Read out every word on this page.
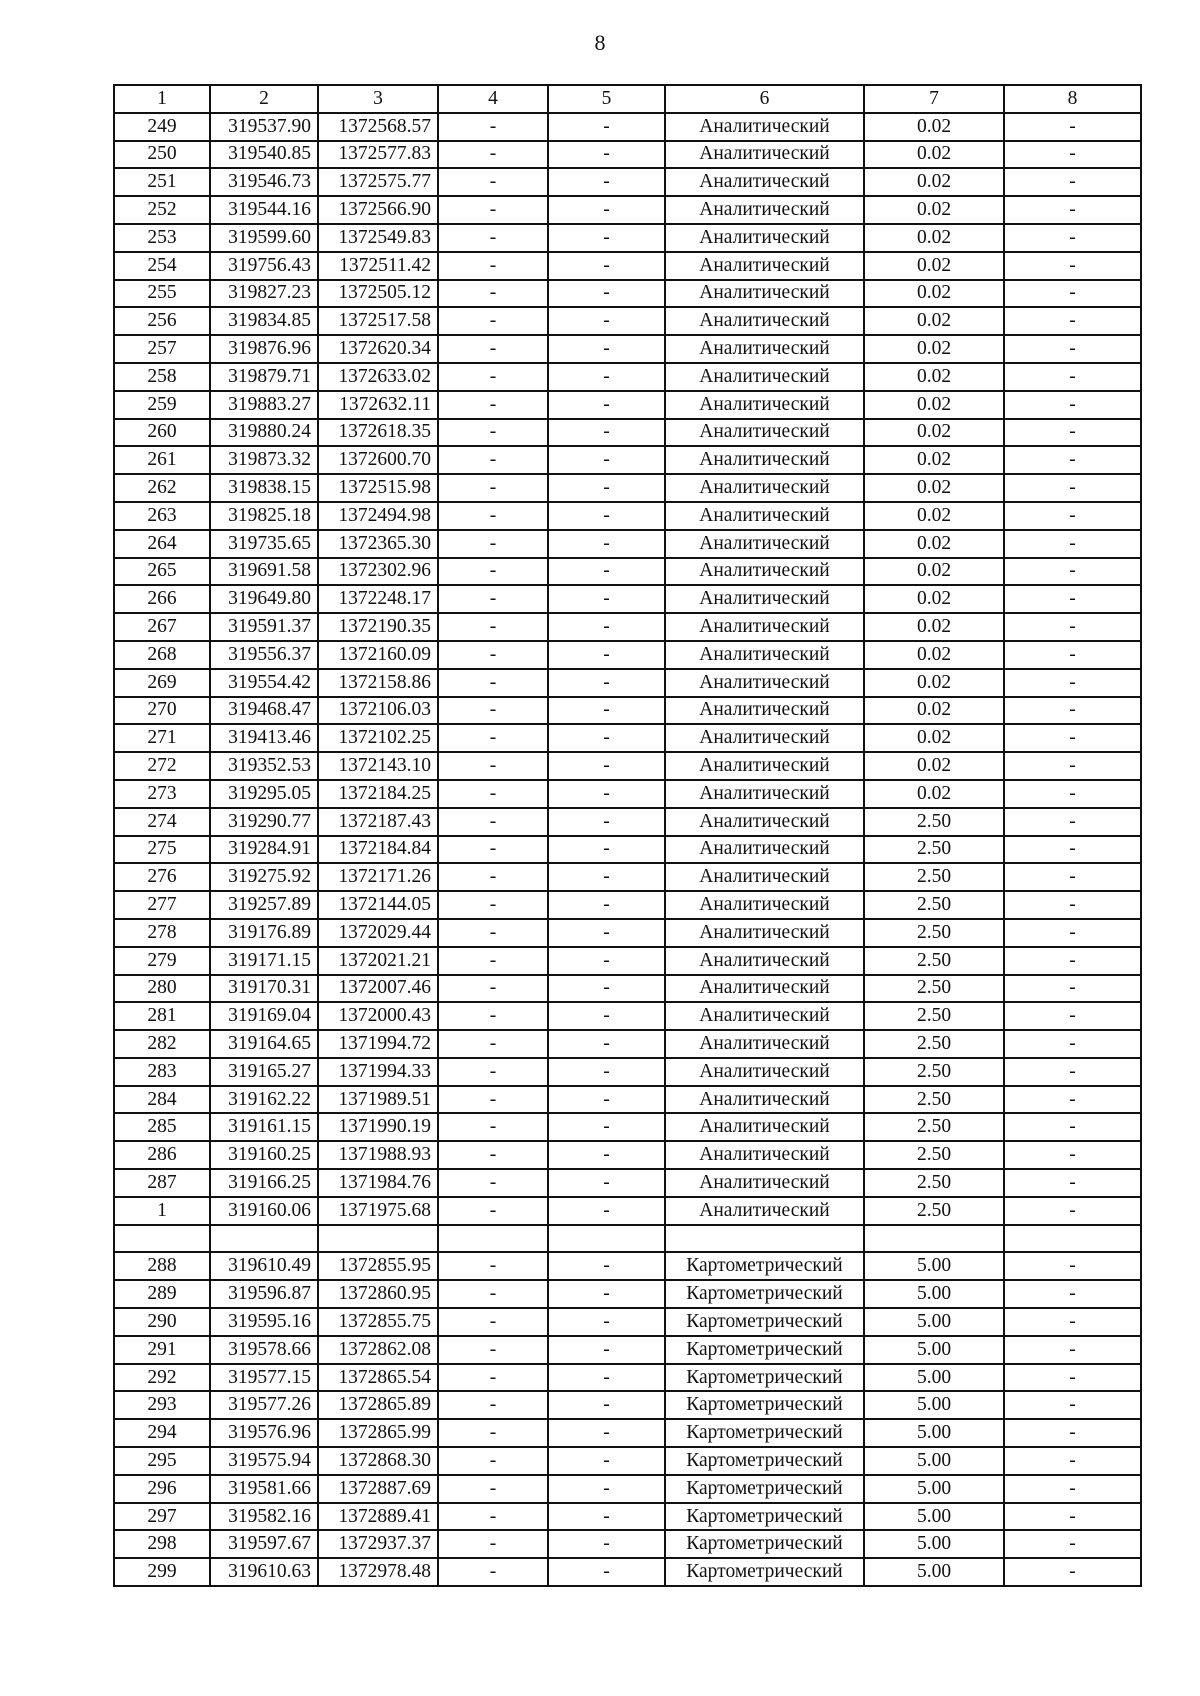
8
1	2	3	4	5	6	7	8
249	319537.90	1372568.57	-	-	Аналитический	0.02	-
250	319540.85	1372577.83	-	-	Аналитический	0.02	-
251	319546.73	1372575.77	-	-	Аналитический	0.02	-
252	319544.16	1372566.90	-	-	Аналитический	0.02	-
253	319599.60	1372549.83	-	-	Аналитический	0.02	-
254	319756.43	1372511.42	-	-	Аналитический	0.02	-
255	319827.23	1372505.12	-	-	Аналитический	0.02	-
256	319834.85	1372517.58	-	-	Аналитический	0.02	-
257	319876.96	1372620.34	-	-	Аналитический	0.02	-
258	319879.71	1372633.02	-	-	Аналитический	0.02	-
259	319883.27	1372632.11	-	-	Аналитический	0.02	-
260	319880.24	1372618.35	-	-	Аналитический	0.02	-
261	319873.32	1372600.70	-	-	Аналитический	0.02	-
262	319838.15	1372515.98	-	-	Аналитический	0.02	-
263	319825.18	1372494.98	-	-	Аналитический	0.02	-
264	319735.65	1372365.30	-	-	Аналитический	0.02	-
265	319691.58	1372302.96	-	-	Аналитический	0.02	-
266	319649.80	1372248.17	-	-	Аналитический	0.02	-
267	319591.37	1372190.35	-	-	Аналитический	0.02	-
268	319556.37	1372160.09	-	-	Аналитический	0.02	-
269	319554.42	1372158.86	-	-	Аналитический	0.02	-
270	319468.47	1372106.03	-	-	Аналитический	0.02	-
271	319413.46	1372102.25	-	-	Аналитический	0.02	-
272	319352.53	1372143.10	-	-	Аналитический	0.02	-
273	319295.05	1372184.25	-	-	Аналитический	0.02	-
274	319290.77	1372187.43	-	-	Аналитический	2.50	-
275	319284.91	1372184.84	-	-	Аналитический	2.50	-
276	319275.92	1372171.26	-	-	Аналитический	2.50	-
277	319257.89	1372144.05	-	-	Аналитический	2.50	-
278	319176.89	1372029.44	-	-	Аналитический	2.50	-
279	319171.15	1372021.21	-	-	Аналитический	2.50	-
280	319170.31	1372007.46	-	-	Аналитический	2.50	-
281	319169.04	1372000.43	-	-	Аналитический	2.50	-
282	319164.65	1371994.72	-	-	Аналитический	2.50	-
283	319165.27	1371994.33	-	-	Аналитический	2.50	-
284	319162.22	1371989.51	-	-	Аналитический	2.50	-
285	319161.15	1371990.19	-	-	Аналитический	2.50	-
286	319160.25	1371988.93	-	-	Аналитический	2.50	-
287	319166.25	1371984.76	-	-	Аналитический	2.50	-
1	319160.06	1371975.68	-	-	Аналитический	2.50	-

288	319610.49	1372855.95	-	-	Картометрический	5.00	-
289	319596.87	1372860.95	-	-	Картометрический	5.00	-
290	319595.16	1372855.75	-	-	Картометрический	5.00	-
291	319578.66	1372862.08	-	-	Картометрический	5.00	-
292	319577.15	1372865.54	-	-	Картометрический	5.00	-
293	319577.26	1372865.89	-	-	Картометрический	5.00	-
294	319576.96	1372865.99	-	-	Картометрический	5.00	-
295	319575.94	1372868.30	-	-	Картометрический	5.00	-
296	319581.66	1372887.69	-	-	Картометрический	5.00	-
297	319582.16	1372889.41	-	-	Картометрический	5.00	-
298	319597.67	1372937.37	-	-	Картометрический	5.00	-
299	319610.63	1372978.48	-	-	Картометрический	5.00	-
